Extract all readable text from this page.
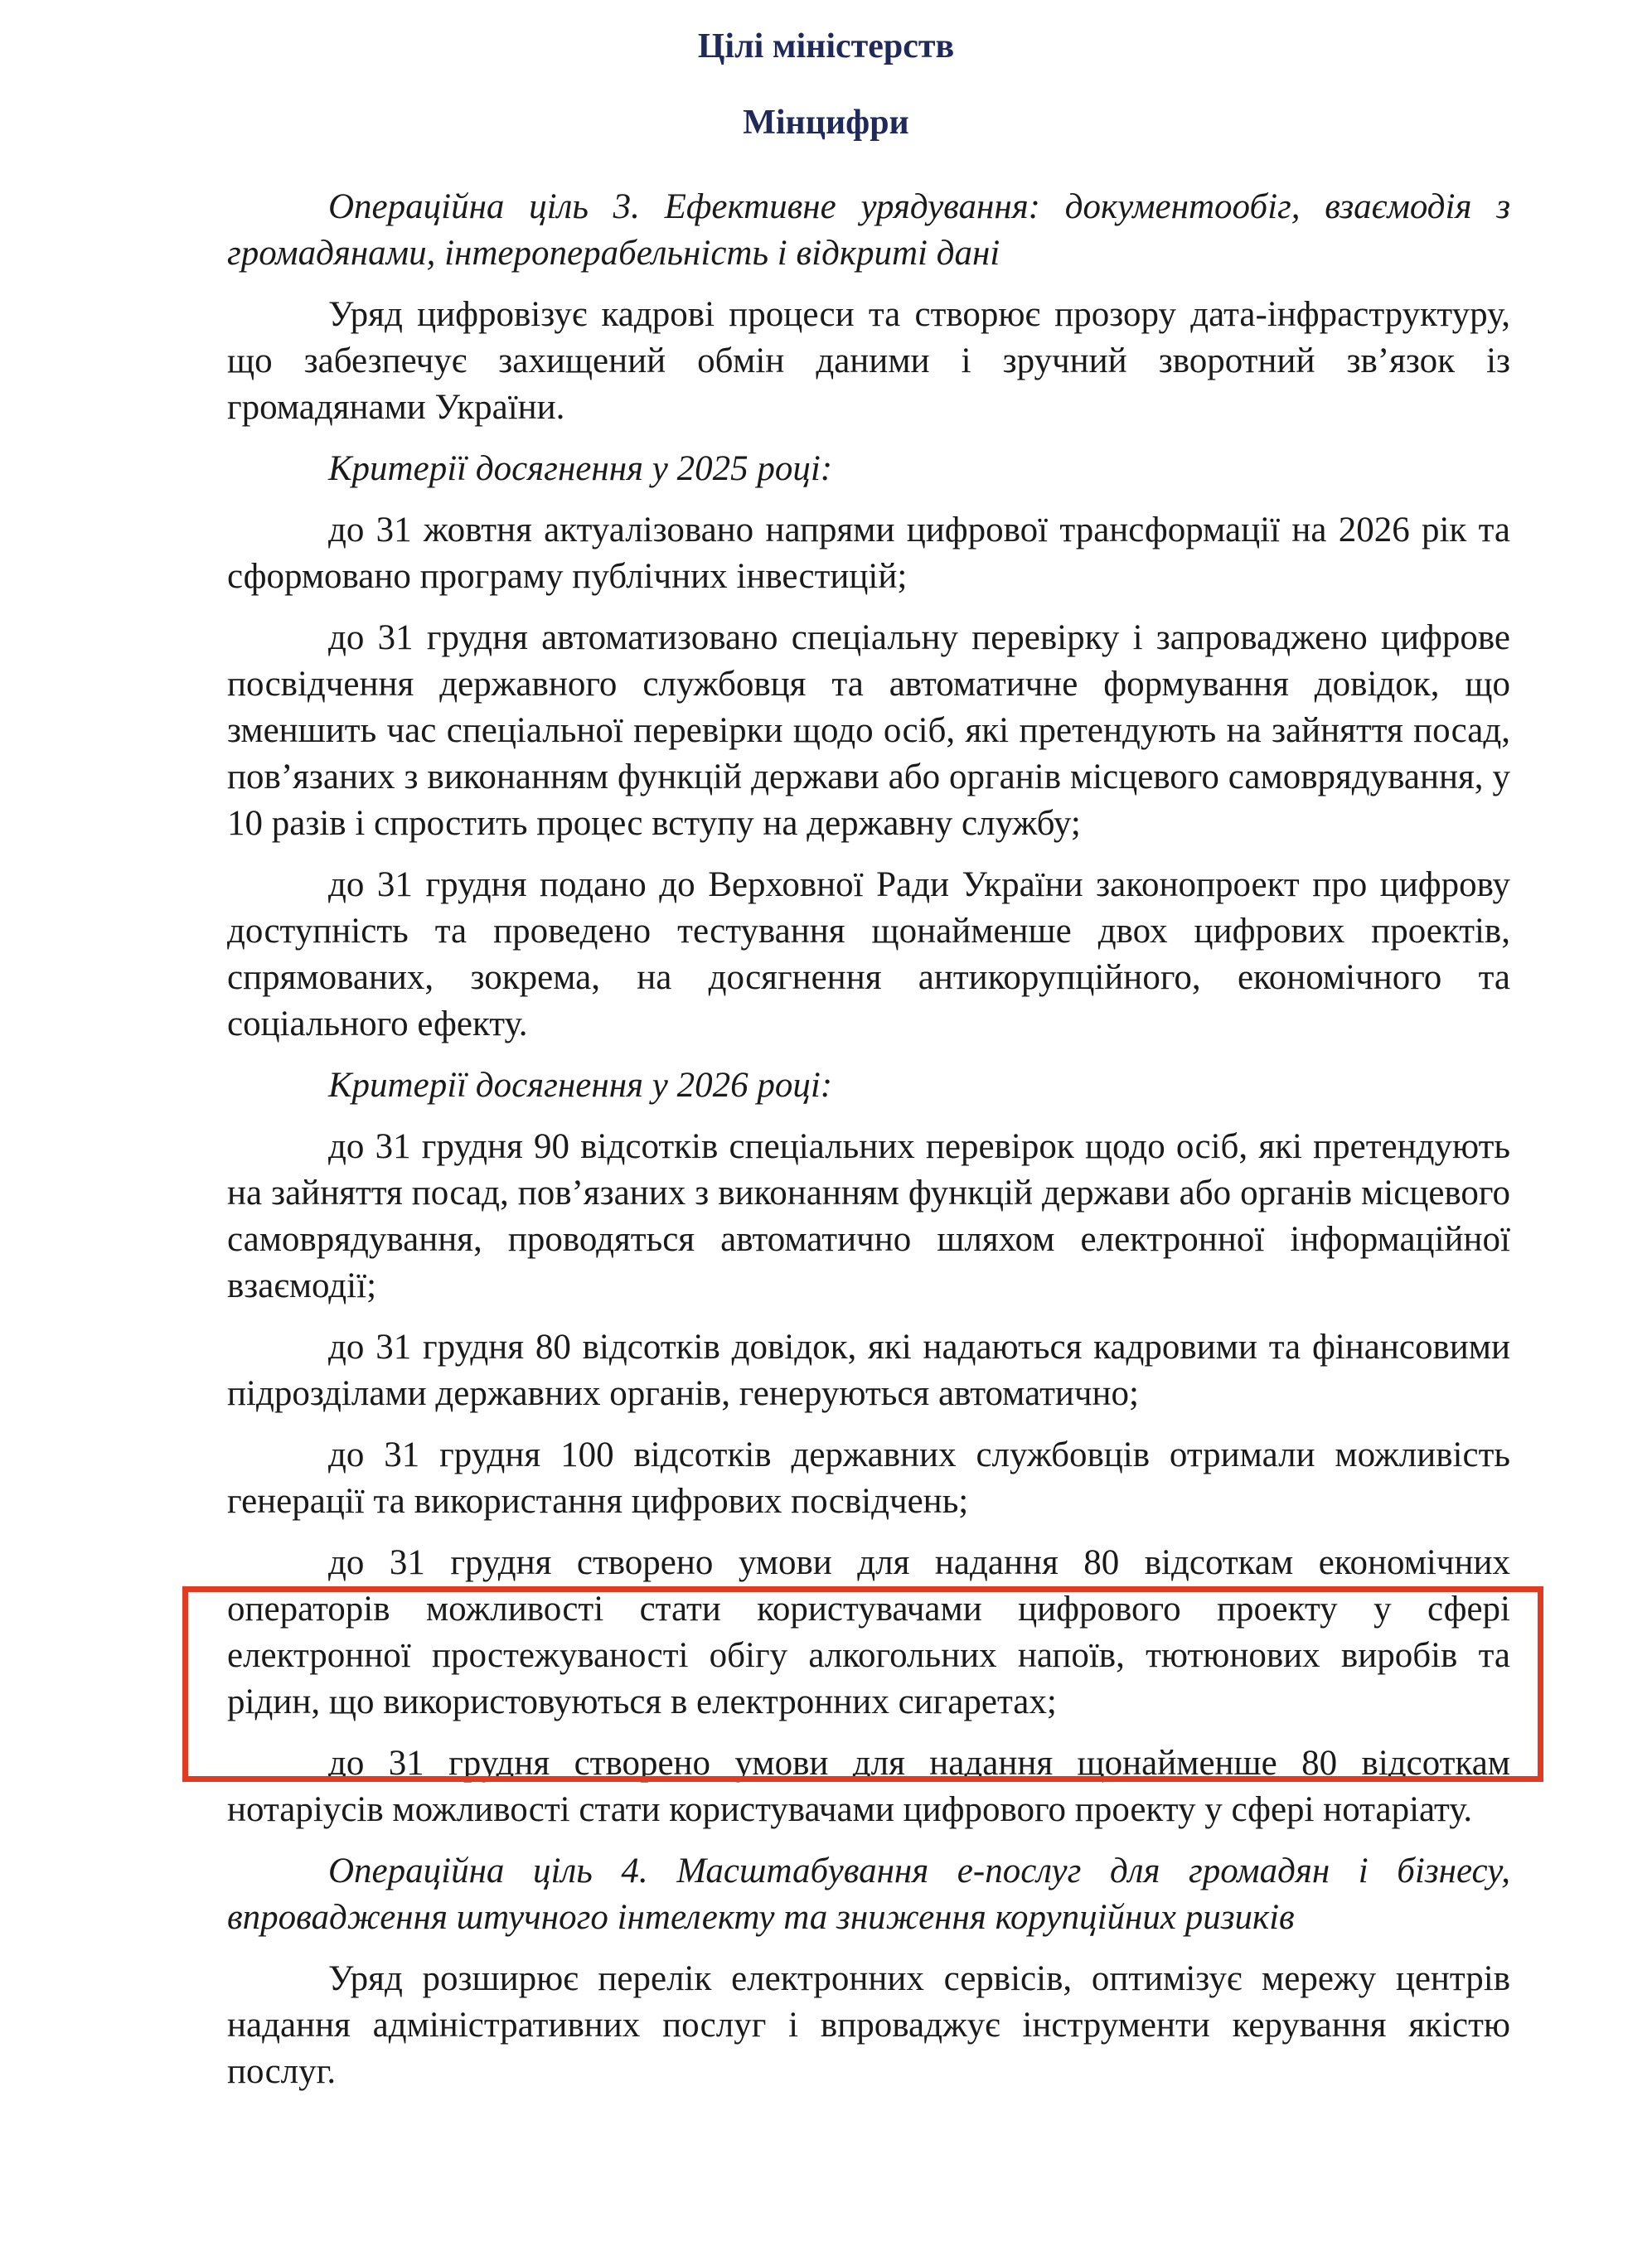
Цілі міністерств
Мінцифри

Операційна ціль 3. Ефективне урядування: документообіг, взаємодія з громадянами, інтероперабельність і відкриті дані

Уряд цифровізує кадрові процеси та створює прозору дата-інфраструктуру, що забезпечує захищений обмін даними і зручний зворотний зв’язок із громадянами України.

Критерії досягнення у 2025 році:

до 31 жовтня актуалізовано напрями цифрової трансформації на 2026 рік та сформовано програму публічних інвестицій;

до 31 грудня автоматизовано спеціальну перевірку і запроваджено цифрове посвідчення державного службовця та автоматичне формування довідок, що зменшить час спеціальної перевірки щодо осіб, які претендують на зайняття посад, пов’язаних з виконанням функцій держави або органів місцевого самоврядування, у 10 разів і спростить процес вступу на державну службу;

до 31 грудня подано до Верховної Ради України законопроект про цифрову доступність та проведено тестування щонайменше двох цифрових проектів, спрямованих, зокрема, на досягнення антикорупційного, економічного та соціального ефекту.

Критерії досягнення у 2026 році:

до 31 грудня 90 відсотків спеціальних перевірок щодо осіб, які претендують на зайняття посад, пов’язаних з виконанням функцій держави або органів місцевого самоврядування, проводяться автоматично шляхом електронної інформаційної взаємодії;

до 31 грудня 80 відсотків довідок, які надаються кадровими та фінансовими підрозділами державних органів, генеруються автоматично;

до 31 грудня 100 відсотків державних службовців отримали можливість генерації та використання цифрових посвідчень;

до 31 грудня створено умови для надання 80 відсоткам економічних операторів можливості стати користувачами цифрового проекту у сфері електронної простежуваності обігу алкогольних напоїв, тютюнових виробів та рідин, що використовуються в електронних сигаретах;

до 31 грудня створено умови для надання щонайменше 80 відсоткам нотаріусів можливості стати користувачами цифрового проекту у сфері нотаріату.

Операційна ціль 4. Масштабування е-послуг для громадян і бізнесу, впровадження штучного інтелекту та зниження корупційних ризиків

Уряд розширює перелік електронних сервісів, оптимізує мережу центрів надання адміністративних послуг і впроваджує інструменти керування якістю послуг.
